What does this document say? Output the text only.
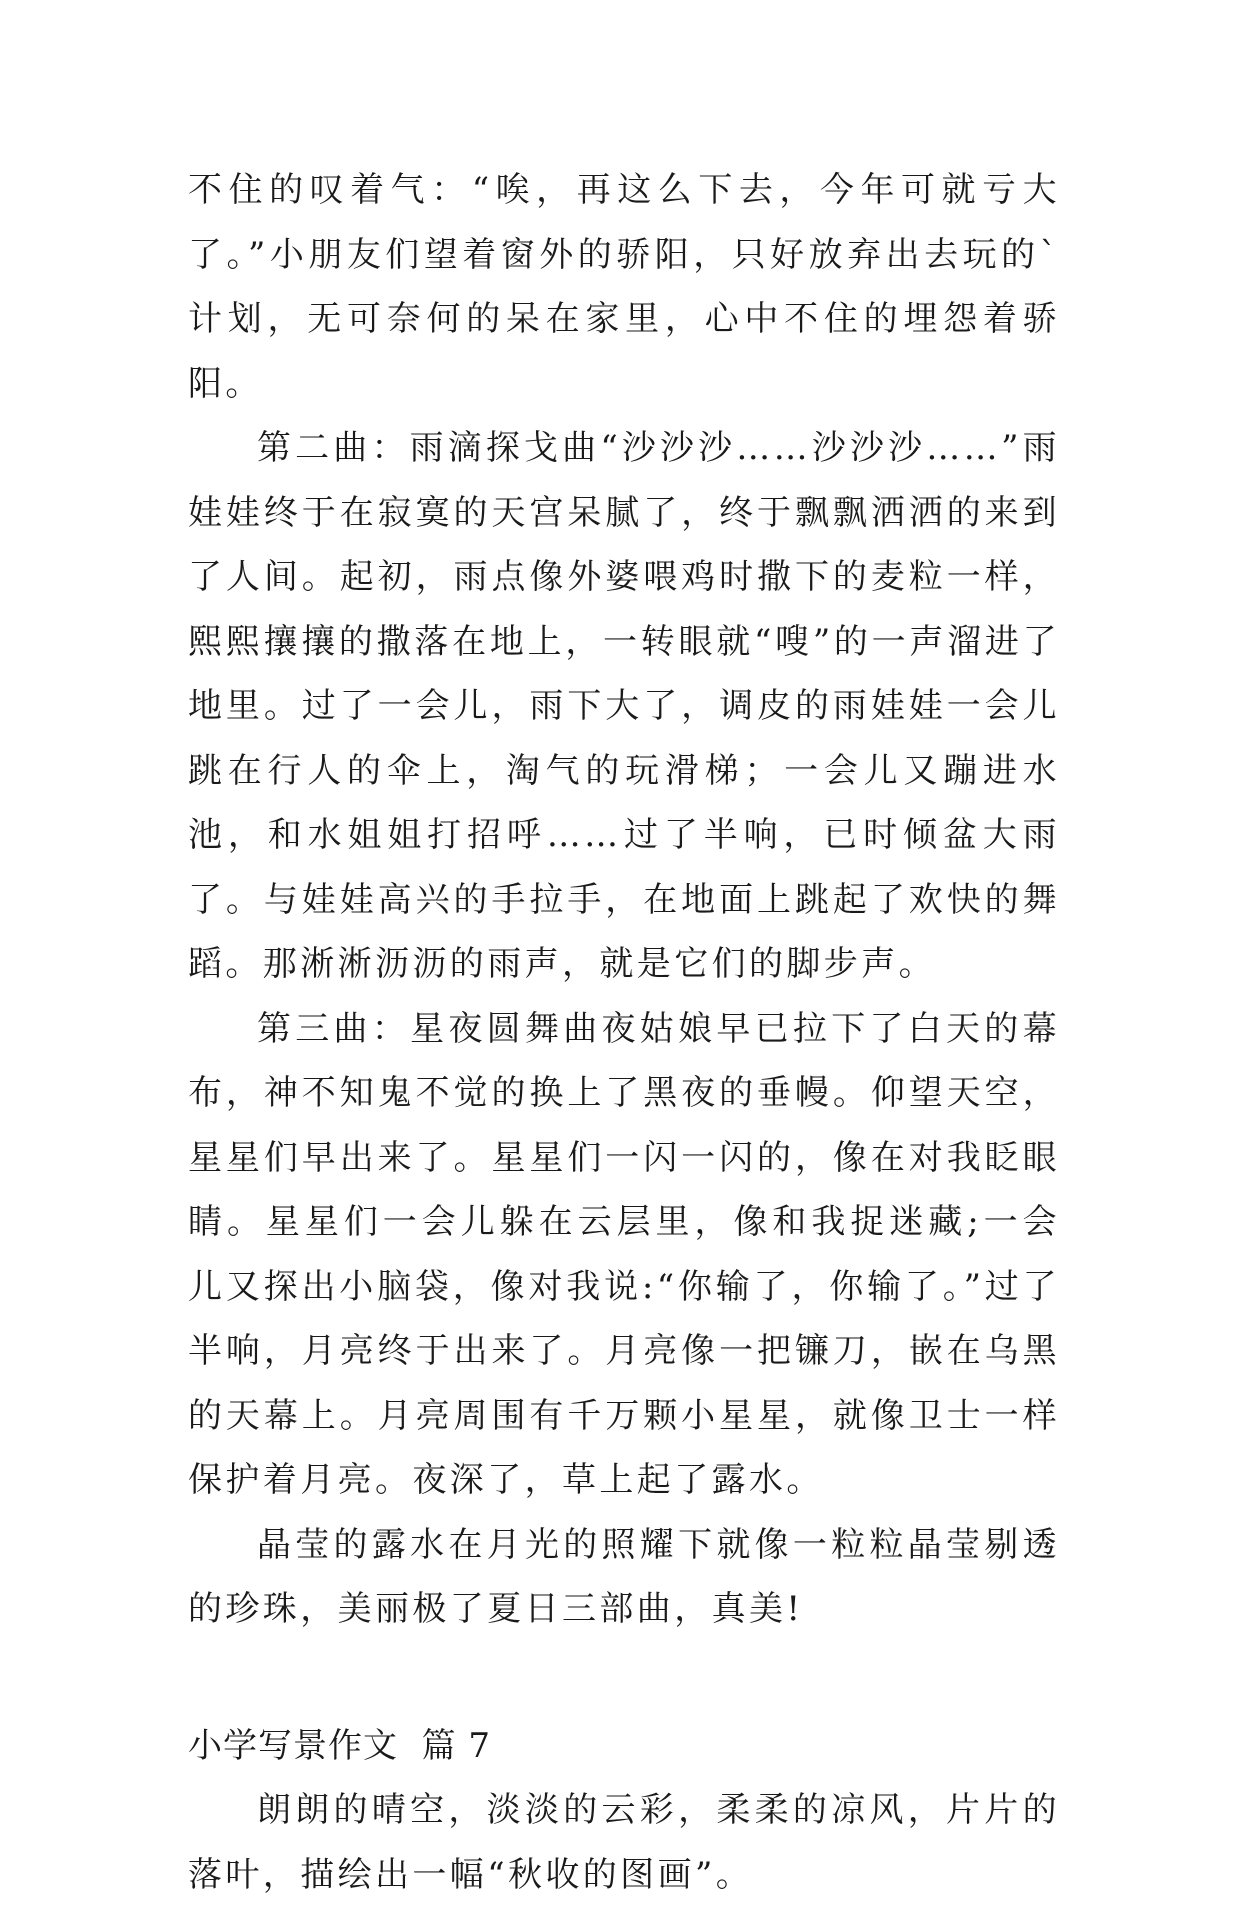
不住的叹着气：“唉，再这么下去，今年可就亏大了。”小朋友们望着窗外的骄阳，只好放弃出去玩的`计划，无可奈何的呆在家里，心中不住的埋怨着骄阳。

第二曲：雨滴探戈曲“沙沙沙……沙沙沙……”雨娃娃终于在寂寞的天宫呆腻了，终于飘飘洒洒的来到了人间。起初，雨点像外婆喂鸡时撒下的麦粒一样，熙熙攘攘的撒落在地上，一转眼就“嗖”的一声溜进了地里。过了一会儿，雨下大了，调皮的雨娃娃一会儿跳在行人的伞上，淘气的玩滑梯；一会儿又蹦进水池，和水姐姐打招呼……过了半响，已时倾盆大雨了。与娃娃高兴的手拉手，在地面上跳起了欢快的舞蹈。那淅淅沥沥的雨声，就是它们的脚步声。

第三曲：星夜圆舞曲夜姑娘早已拉下了白天的幕布，神不知鬼不觉的换上了黑夜的垂幔。仰望天空，星星们早出来了。星星们一闪一闪的，像在对我眨眼睛。星星们一会儿躲在云层里，像和我捉迷藏;一会儿又探出小脑袋，像对我说:“你输了，你输了。”过了半响，月亮终于出来了。月亮像一把镰刀，嵌在乌黑的天幕上。月亮周围有千万颗小星星，就像卫士一样保护着月亮。夜深了，草上起了露水。

晶莹的露水在月光的照耀下就像一粒粒晶莹剔透的珍珠，美丽极了夏日三部曲，真美!

小学写景作文  篇 7

朗朗的晴空，淡淡的云彩，柔柔的凉风，片片的落叶，描绘出一幅“秋收的图画”。
